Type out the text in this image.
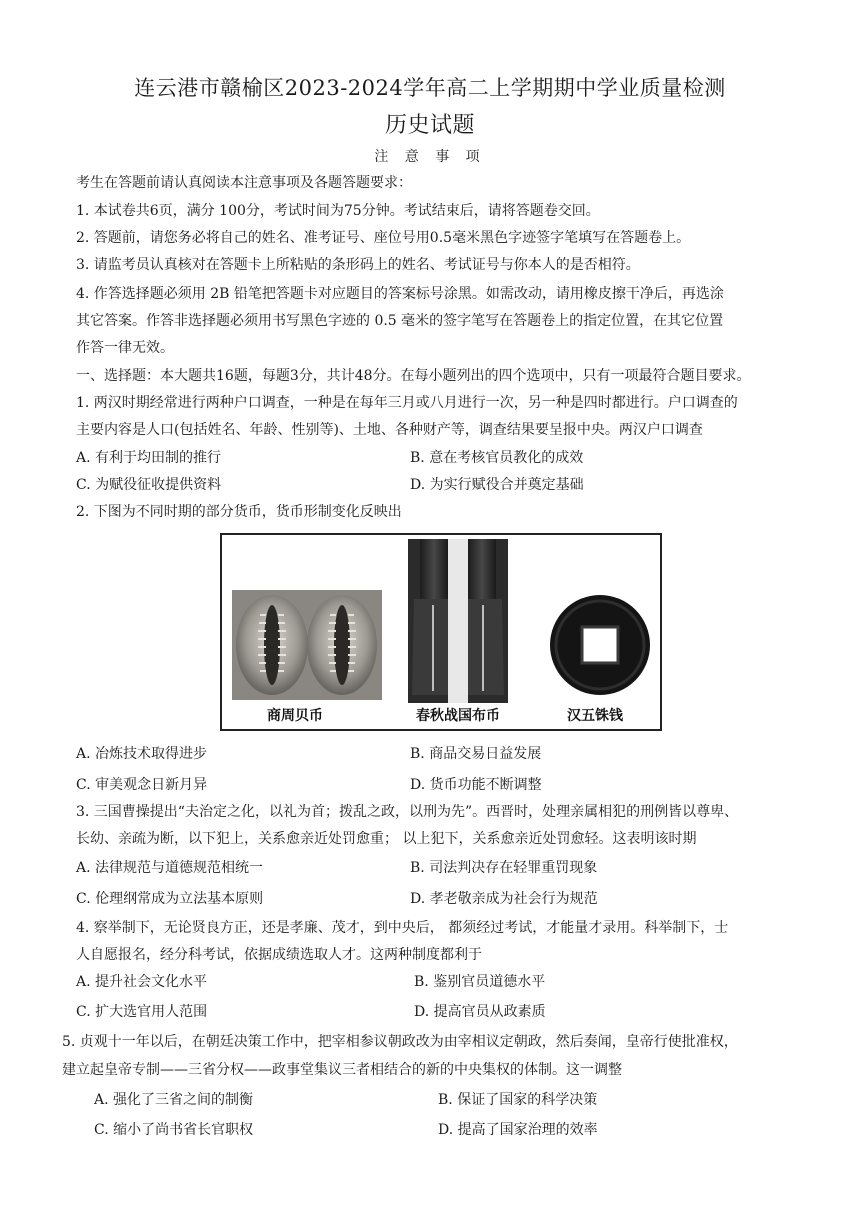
连云港市赣榆区2023-2024学年高二上学期期中学业质量检测
历史试题
注 意 事 项
考生在答题前请认真阅读本注意事项及各题答题要求：
1. 本试卷共6页，满分 100分，考试时间为75分钟。考试结束后，请将答题卷交回。
2. 答题前，请您务必将自己的姓名、准考证号、座位号用0.5毫米黑色字迹签字笔填写在答题卷上。
3. 请监考员认真核对在答题卡上所粘贴的条形码上的姓名、考试证号与你本人的是否相符。
4. 作答选择题必须用 2B 铅笔把答题卡对应题目的答案标号涂黑。如需改动，请用橡皮擦干净后，再选涂
其它答案。作答非选择题必须用书写黑色字迹的 0.5 毫米的签字笔写在答题卷上的指定位置，在其它位置
作答一律无效。
一、选择题：本大题共16题，每题3分，共计48分。在每小题列出的四个选项中，只有一项最符合题目要求。
1. 两汉时期经常进行两种户口调查，一种是在每年三月或八月进行一次，另一种是四时都进行。户口调查的
主要内容是人口(包括姓名、年龄、性别等)、土地、各种财产等，调查结果要呈报中央。两汉户口调查
A. 有利于均田制的推行	B. 意在考核官员教化的成效
C. 为赋役征收提供资料	D. 为实行赋役合并奠定基础
2. 下图为不同时期的部分货币，货币形制变化反映出
商周贝币	春秋战国布币	汉五铢钱
A. 冶炼技术取得进步	B. 商品交易日益发展
C. 审美观念日新月异	D. 货币功能不断调整
3. 三国曹操提出“夫治定之化，以礼为首；拨乱之政，以刑为先”。西晋时，处理亲属相犯的刑例皆以尊卑、
长幼、亲疏为断，以下犯上，关系愈亲近处罚愈重； 以上犯下，关系愈亲近处罚愈轻。这表明该时期
A. 法律规范与道德规范相统一	B. 司法判决存在轻罪重罚现象
C. 伦理纲常成为立法基本原则	D. 孝老敬亲成为社会行为规范
4. 察举制下，无论贤良方正，还是孝廉、茂才，到中央后， 都须经过考试，才能量才录用。科举制下，士
人自愿报名，经分科考试，依据成绩选取人才。这两种制度都利于
A. 提升社会文化水平	B. 鉴别官员道德水平
C. 扩大选官用人范围	D. 提高官员从政素质
5. 贞观十一年以后，在朝廷决策工作中，把宰相参议朝政改为由宰相议定朝政，然后奏闻，皇帝行使批准权，
建立起皇帝专制——三省分权——政事堂集议三者相结合的新的中央集权的体制。这一调整
A. 强化了三省之间的制衡	B. 保证了国家的科学决策
C. 缩小了尚书省长官职权	D. 提高了国家治理的效率
